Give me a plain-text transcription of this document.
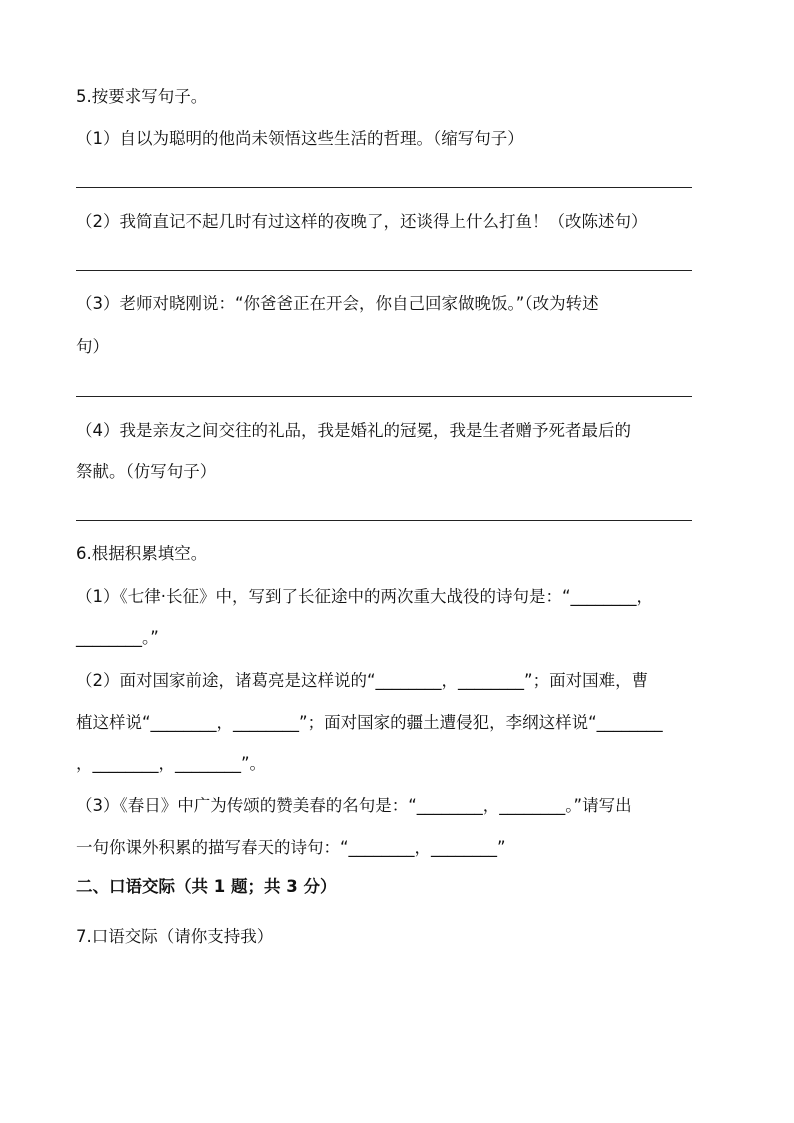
5.按要求写句子。
（1）自以为聪明的他尚未领悟这些生活的哲理。（缩写句子）
（2）我简直记不起几时有过这样的夜晚了，还谈得上什么打鱼！（改陈述句）
（3）老师对晓刚说：“你爸爸正在开会，你自己回家做晚饭。”（改为转述
句）
（4）我是亲友之间交往的礼品，我是婚礼的冠冕，我是生者赠予死者最后的
祭献。（仿写句子）
6.根据积累填空。
（1）《七律·长征》中，写到了长征途中的两次重大战役的诗句是：“________，
________。”
（2）面对国家前途，诸葛亮是这样说的“________，________”；面对国难，曹
植这样说“________，________”；面对国家的疆土遭侵犯，李纲这样说“________
，________，________”。
（3）《春日》中广为传颂的赞美春的名句是：“________，________。”请写出
一句你课外积累的描写春天的诗句：“________，________”
二、口语交际（共 1 题；共 3 分）
7.口语交际（请你支持我）
